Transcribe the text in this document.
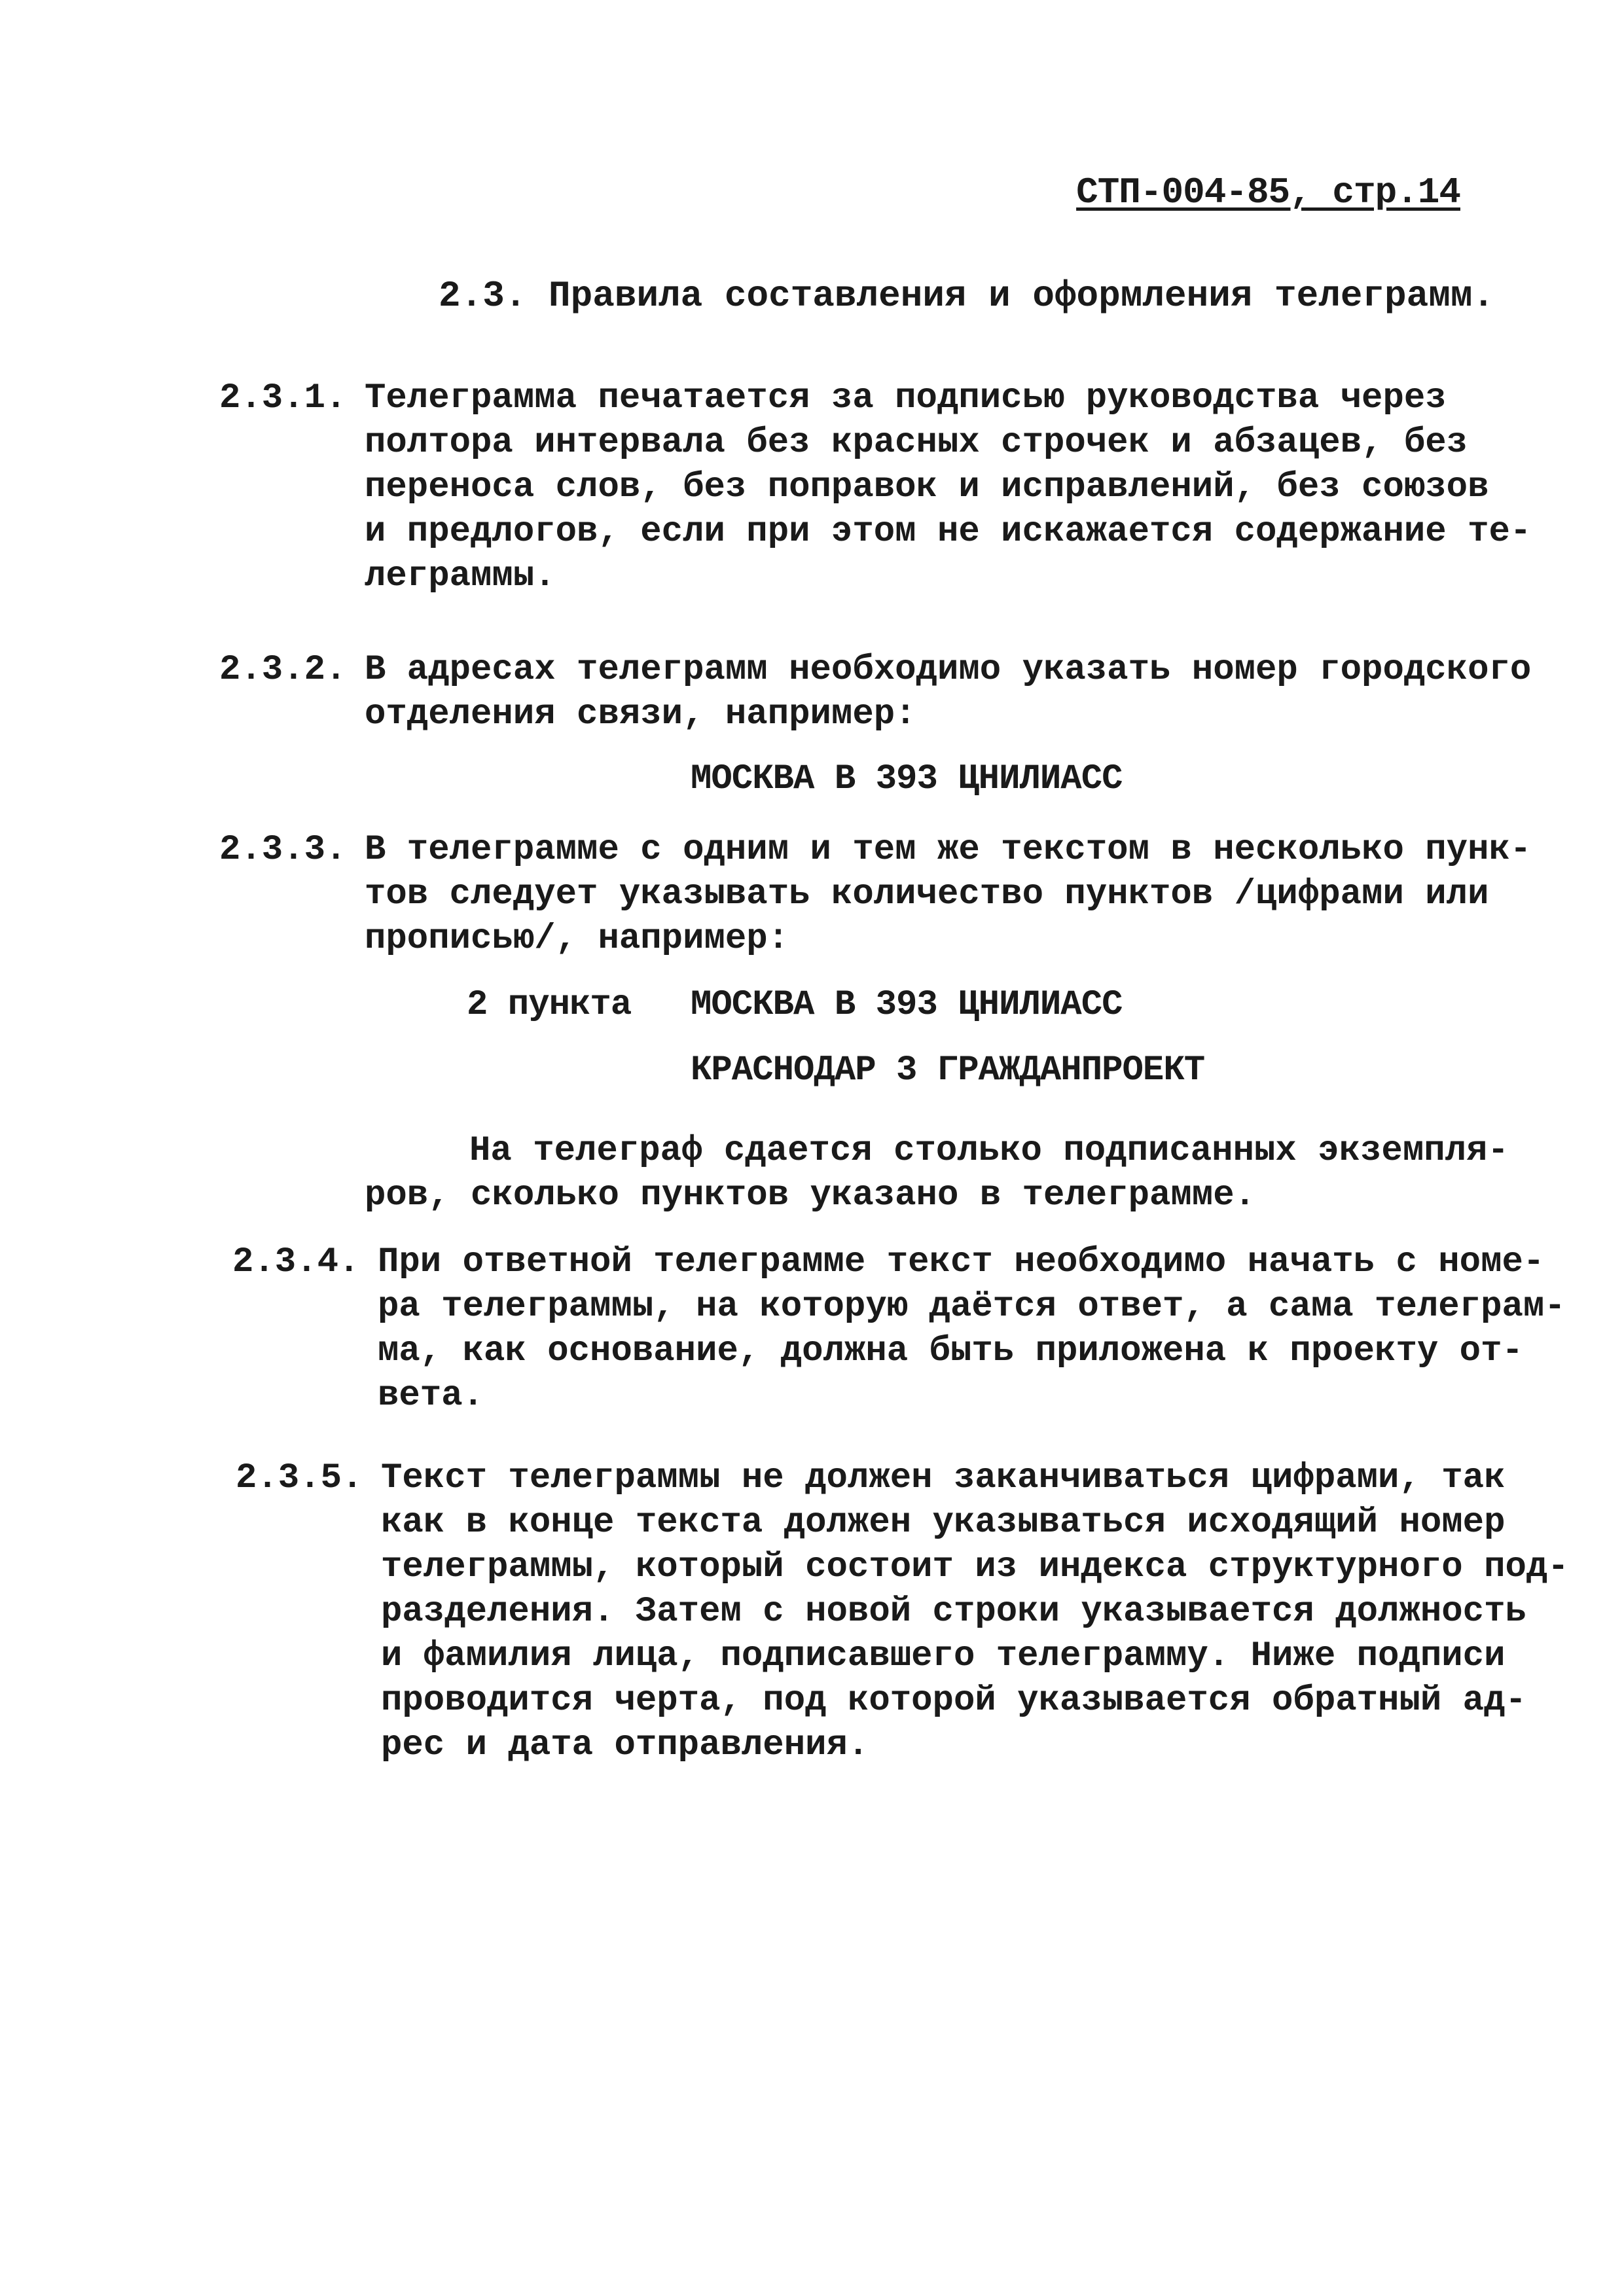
СТП-004-85, стр.14
2.3. Правила составления и оформления телеграмм.
2.3.1. Телеграмма печатается за подписью руководства через
полтора интервала без красных строчек и абзацев, без
переноса слов, без поправок и исправлений, без союзов
и предлогов, если при этом не искажается содержание те-
леграммы.
2.3.2. В адресах телеграмм необходимо указать номер городского
отделения связи, например:
МОСКВА В 393 ЦНИЛИАСС
2.3.3. В телеграмме с одним и тем же текстом в несколько пунк-
тов следует указывать количество пунктов /цифрами или
прописью/, например:
2 пункта МОСКВА В 393 ЦНИЛИАСС
КРАСНОДАР 3 ГРАЖДАНПРОЕКТ
На телеграф сдается столько подписанных экземпля-
ров, сколько пунктов указано в телеграмме.
2.3.4. При ответной телеграмме текст необходимо начать с номе-
ра телеграммы, на которую даётся ответ, а сама телеграм-
ма, как основание, должна быть приложена к проекту от-
вета.
2.3.5. Текст телеграммы не должен заканчиваться цифрами, так
как в конце текста должен указываться исходящий номер
телеграммы, который состоит из индекса структурного под-
разделения. Затем с новой строки указывается должность
и фамилия лица, подписавшего телеграмму. Ниже подписи
проводится черта, под которой указывается обратный ад-
рес и дата отправления.
